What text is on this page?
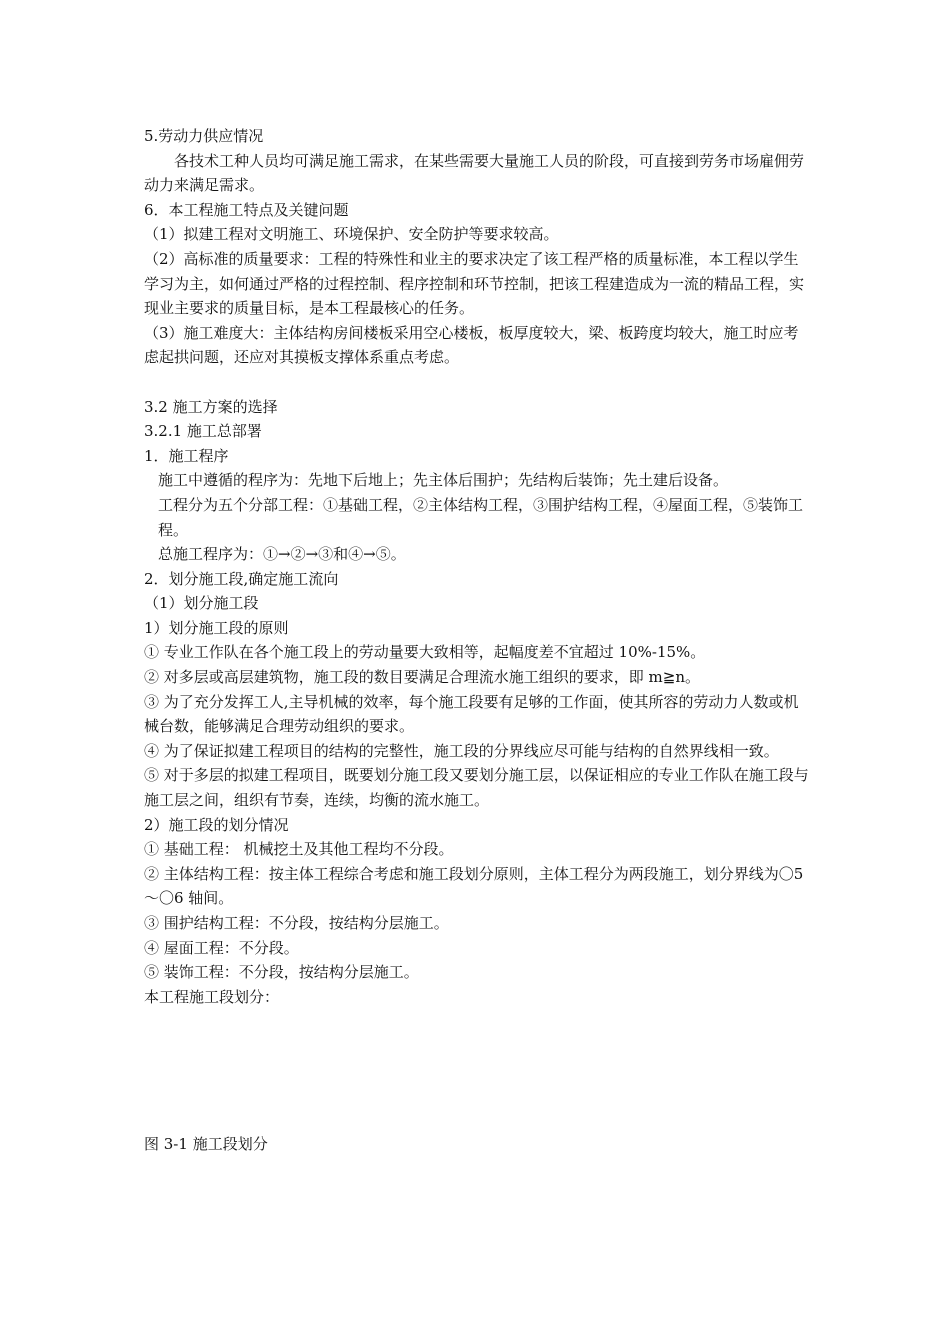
5.劳动力供应情况

各技术工种人员均可满足施工需求，在某些需要大量施工人员的阶段，可直接到劳务市场雇佣劳动力来满足需求。

6．本工程施工特点及关键问题

（1）拟建工程对文明施工、环境保护、安全防护等要求较高。

（2）高标准的质量要求：工程的特殊性和业主的要求决定了该工程严格的质量标准，本工程以学生学习为主，如何通过严格的过程控制、程序控制和环节控制，把该工程建造成为一流的精品工程，实现业主要求的质量目标，是本工程最核心的任务。

（3）施工难度大：主体结构房间楼板采用空心楼板，板厚度较大，梁、板跨度均较大，施工时应考虑起拱问题，还应对其摸板支撑体系重点考虑。

3.2 施工方案的选择

3.2.1 施工总部署

1．施工程序

施工中遵循的程序为：先地下后地上；先主体后围护；先结构后装饰；先土建后设备。

工程分为五个分部工程：①基础工程，②主体结构工程，③围护结构工程，④屋面工程，⑤装饰工程。

总施工程序为：①→②→③和④→⑤。

2．划分施工段,确定施工流向

（1）划分施工段

1）划分施工段的原则

① 专业工作队在各个施工段上的劳动量要大致相等，起幅度差不宜超过 10%-15%。

② 对多层或高层建筑物，施工段的数目要满足合理流水施工组织的要求，即 m≧n。

③ 为了充分发挥工人,主导机械的效率，每个施工段要有足够的工作面，使其所容的劳动力人数或机械台数，能够满足合理劳动组织的要求。

④ 为了保证拟建工程项目的结构的完整性，施工段的分界线应尽可能与结构的自然界线相一致。

⑤ 对于多层的拟建工程项目，既要划分施工段又要划分施工层，以保证相应的专业工作队在施工段与施工层之间，组织有节奏，连续，均衡的流水施工。

2）施工段的划分情况

① 基础工程： 机械挖土及其他工程均不分段。

② 主体结构工程：按主体工程综合考虑和施工段划分原则，主体工程分为两段施工，划分界线为〇5～〇6 轴间。

③ 围护结构工程：不分段，按结构分层施工。

④ 屋面工程：不分段。

⑤ 装饰工程：不分段，按结构分层施工。

本工程施工段划分：

图 3-1 施工段划分
